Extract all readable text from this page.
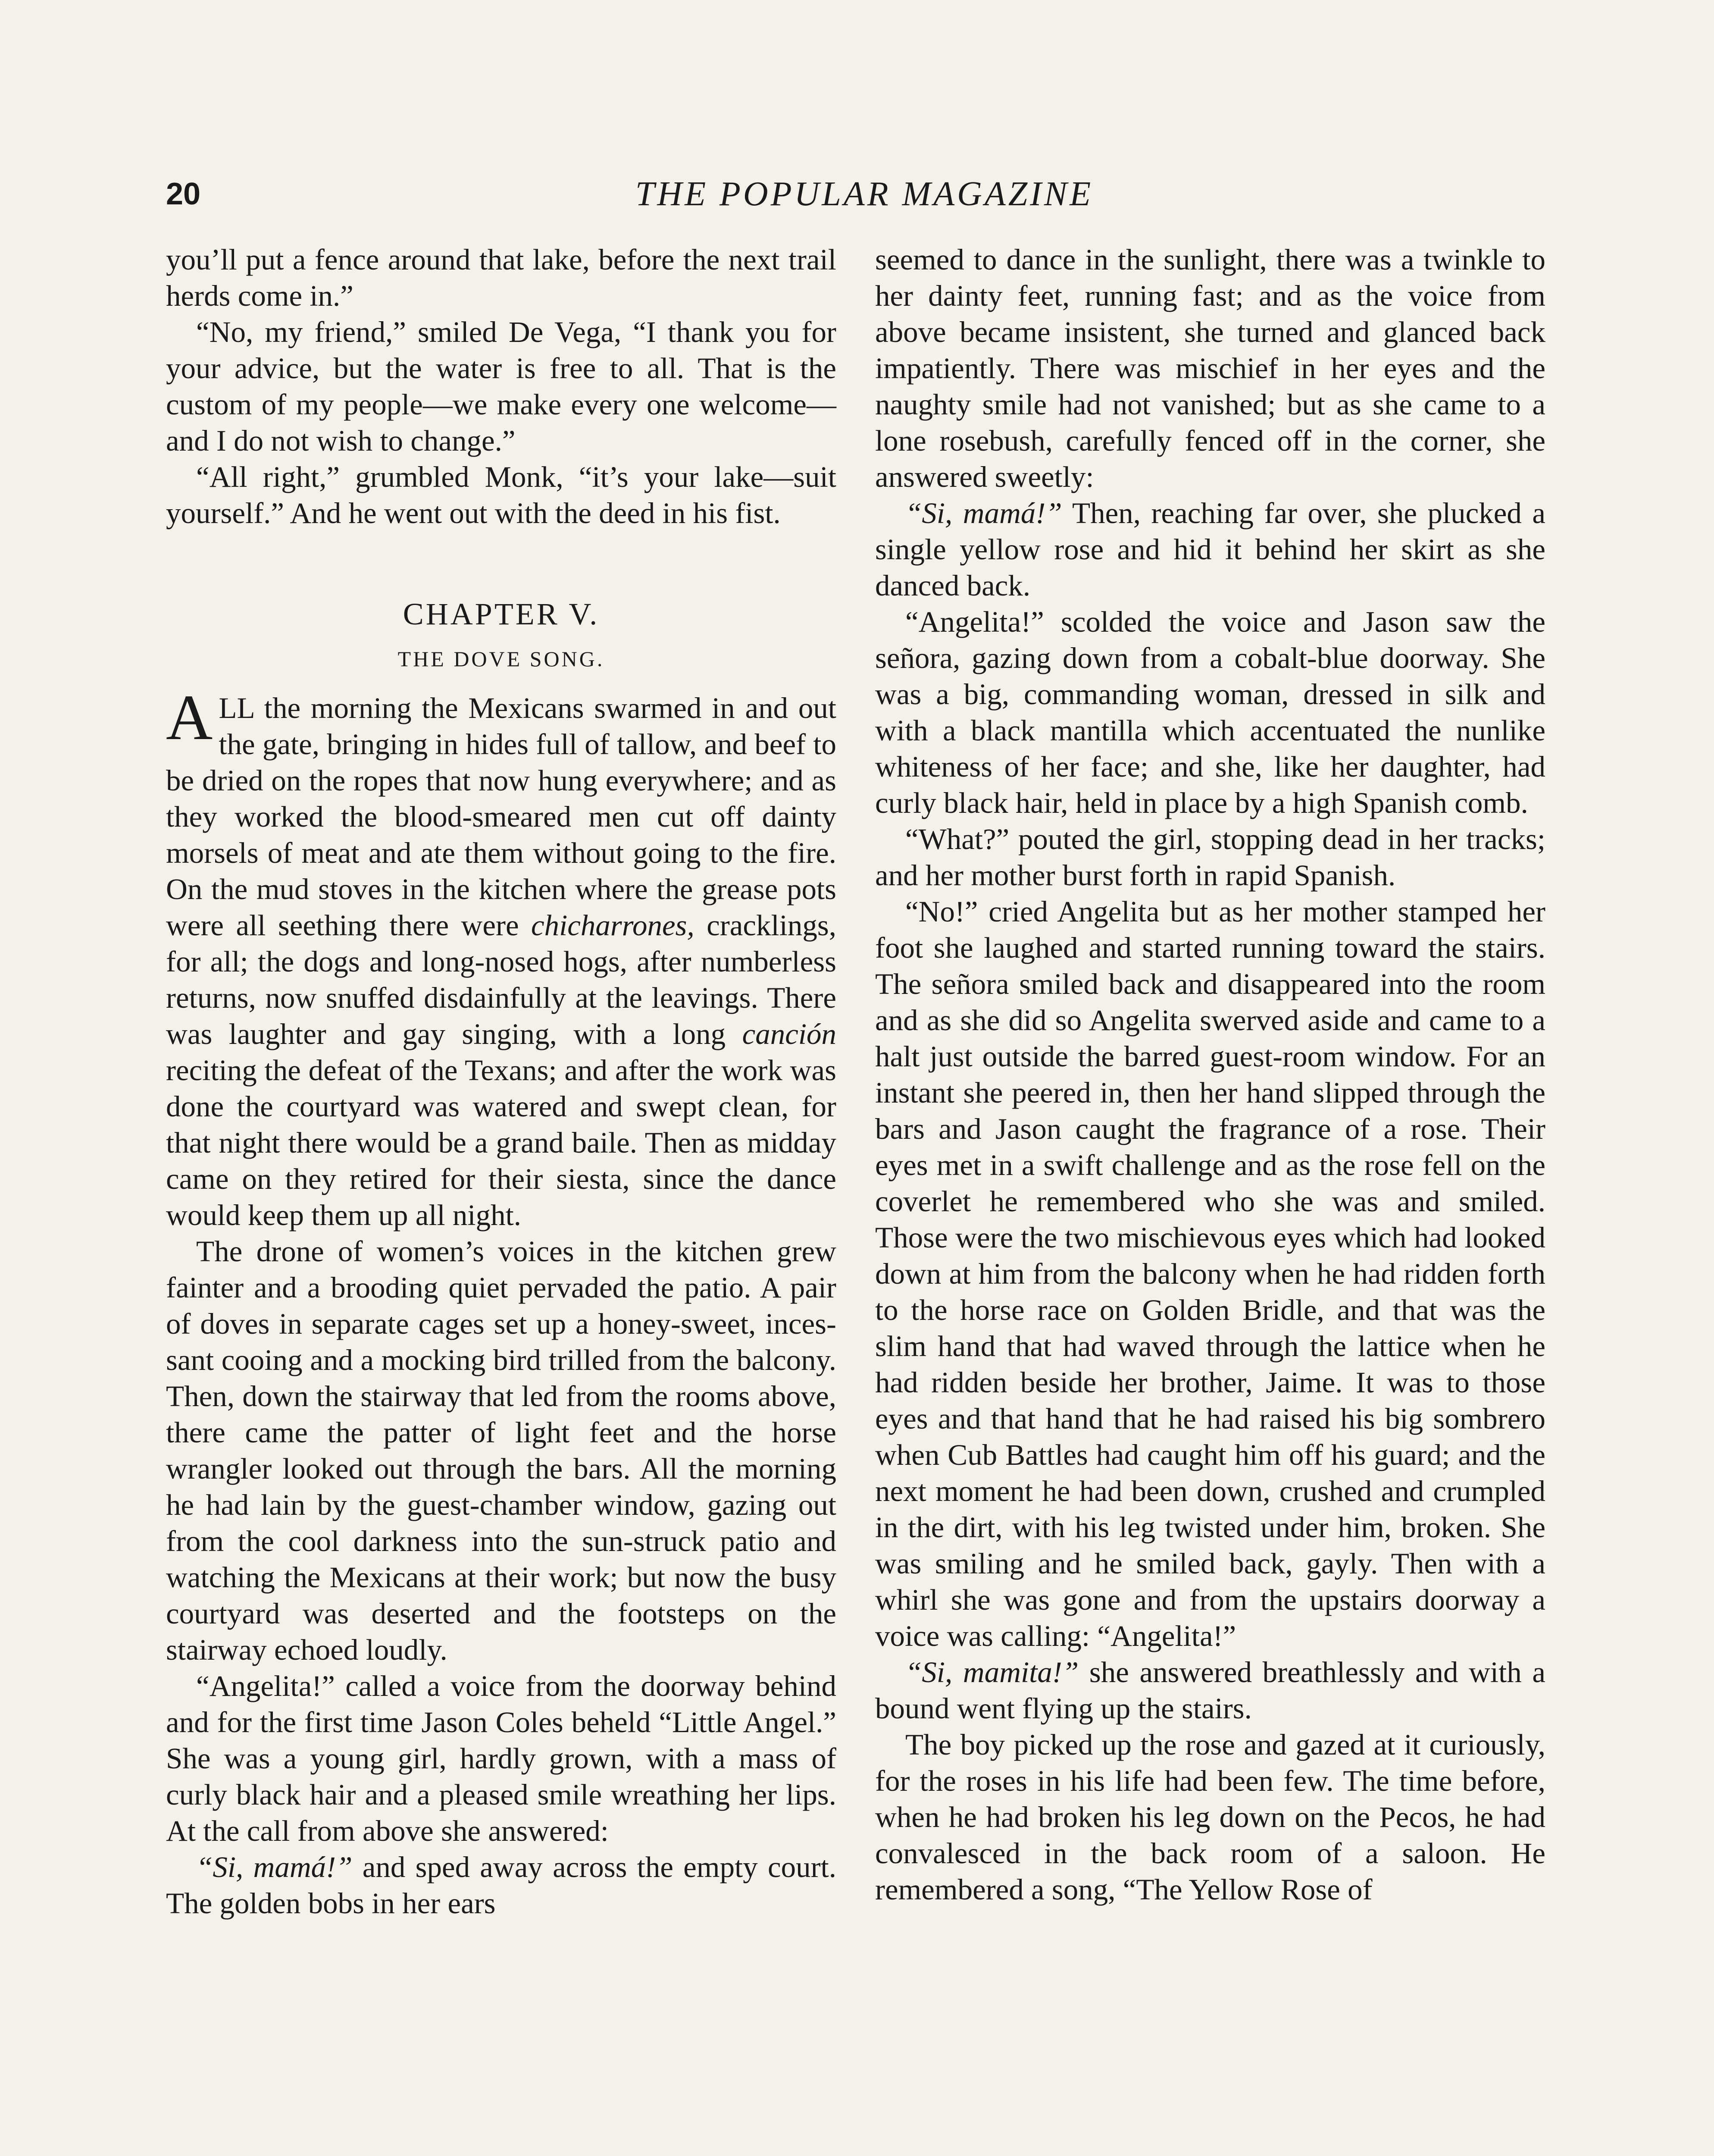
20	THE POPULAR MAGAZINE

you’ll put a fence around that lake, before the next trail herds come in.”

“No, my friend,” smiled De Vega, “I thank you for your advice, but the water is free to all. That is the custom of my people—we make every one welcome—and I do not wish to change.”

“All right,” grumbled Monk, “it’s your lake—suit yourself.” And he went out with the deed in his fist.

CHAPTER V.
THE DOVE SONG.

ALL the morning the Mexicans swarmed in and out the gate, bringing in hides full of tallow, and beef to be dried on the ropes that now hung everywhere; and as they worked the blood-smeared men cut off dainty morsels of meat and ate them without going to the fire. On the mud stoves in the kitchen where the grease pots were all seething there were chicharrones, cracklings, for all; the dogs and long-nosed hogs, after numberless returns, now snuffed disdainfully at the leavings. There was laughter and gay singing, with a long canción reciting the defeat of the Texans; and after the work was done the courtyard was watered and swept clean, for that night there would be a grand baile. Then as midday came on they retired for their siesta, since the dance would keep them up all night.

The drone of women’s voices in the kitchen grew fainter and a brooding quiet pervaded the patio. A pair of doves in separate cages set up a honey-sweet, incessant cooing and a mocking bird trilled from the balcony. Then, down the stairway that led from the rooms above, there came the patter of light feet and the horse wrangler looked out through the bars. All the morning he had lain by the guest-chamber window, gazing out from the cool darkness into the sun-struck patio and watching the Mexicans at their work; but now the busy courtyard was deserted and the footsteps on the stairway echoed loudly.

“Angelita!” called a voice from the doorway behind and for the first time Jason Coles beheld “Little Angel.” She was a young girl, hardly grown, with a mass of curly black hair and a pleased smile wreathing her lips. At the call from above she answered:

“Si, mamá!” and sped away across the empty court. The golden bobs in her ears

seemed to dance in the sunlight, there was a twinkle to her dainty feet, running fast; and as the voice from above became insistent, she turned and glanced back impatiently. There was mischief in her eyes and the naughty smile had not vanished; but as she came to a lone rosebush, carefully fenced off in the corner, she answered sweetly:

“Si, mamá!” Then, reaching far over, she plucked a single yellow rose and hid it behind her skirt as she danced back.

“Angelita!” scolded the voice and Jason saw the señora, gazing down from a cobalt-blue doorway. She was a big, commanding woman, dressed in silk and with a black mantilla which accentuated the nunlike whiteness of her face; and she, like her daughter, had curly black hair, held in place by a high Spanish comb.

“What?” pouted the girl, stopping dead in her tracks; and her mother burst forth in rapid Spanish.

“No!” cried Angelita but as her mother stamped her foot she laughed and started running toward the stairs. The señora smiled back and disappeared into the room and as she did so Angelita swerved aside and came to a halt just outside the barred guest-room window. For an instant she peered in, then her hand slipped through the bars and Jason caught the fragrance of a rose. Their eyes met in a swift challenge and as the rose fell on the coverlet he remembered who she was and smiled. Those were the two mischievous eyes which had looked down at him from the balcony when he had ridden forth to the horse race on Golden Bridle, and that was the slim hand that had waved through the lattice when he had ridden beside her brother, Jaime. It was to those eyes and that hand that he had raised his big sombrero when Cub Battles had caught him off his guard; and the next moment he had been down, crushed and crumpled in the dirt, with his leg twisted under him, broken. She was smiling and he smiled back, gayly. Then with a whirl she was gone and from the upstairs doorway a voice was calling: “Angelita!”

“Si, mamita!” she answered breathlessly and with a bound went flying up the stairs.

The boy picked up the rose and gazed at it curiously, for the roses in his life had been few. The time before, when he had broken his leg down on the Pecos, he had convalesced in the back room of a saloon. He remembered a song, “The Yellow Rose of
